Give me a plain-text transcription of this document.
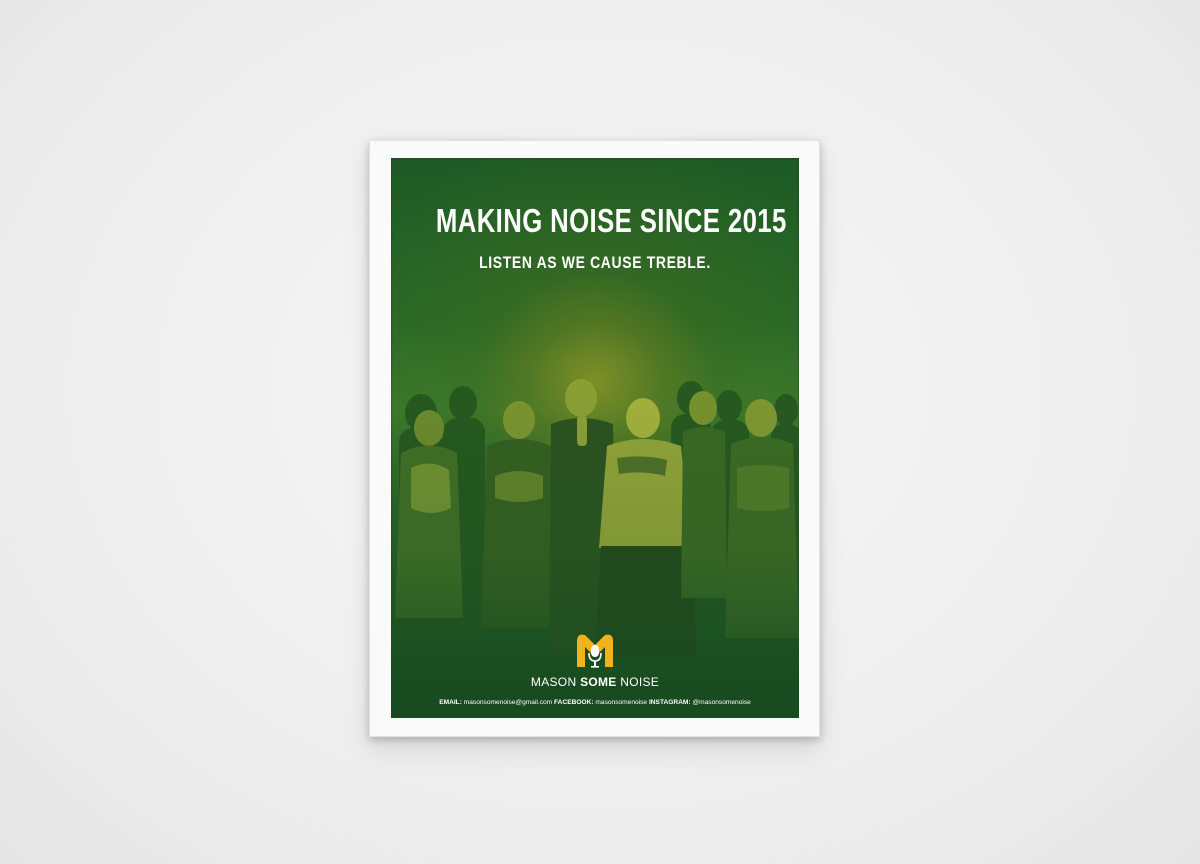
MAKING NOISE SINCE 2015
LISTEN AS WE CAUSE TREBLE.
MASON SOME NOISE
EMAIL: masonsomenoise@gmail.com FACEBOOK: masonsomenoise INSTAGRAM: @masonsomenoise
